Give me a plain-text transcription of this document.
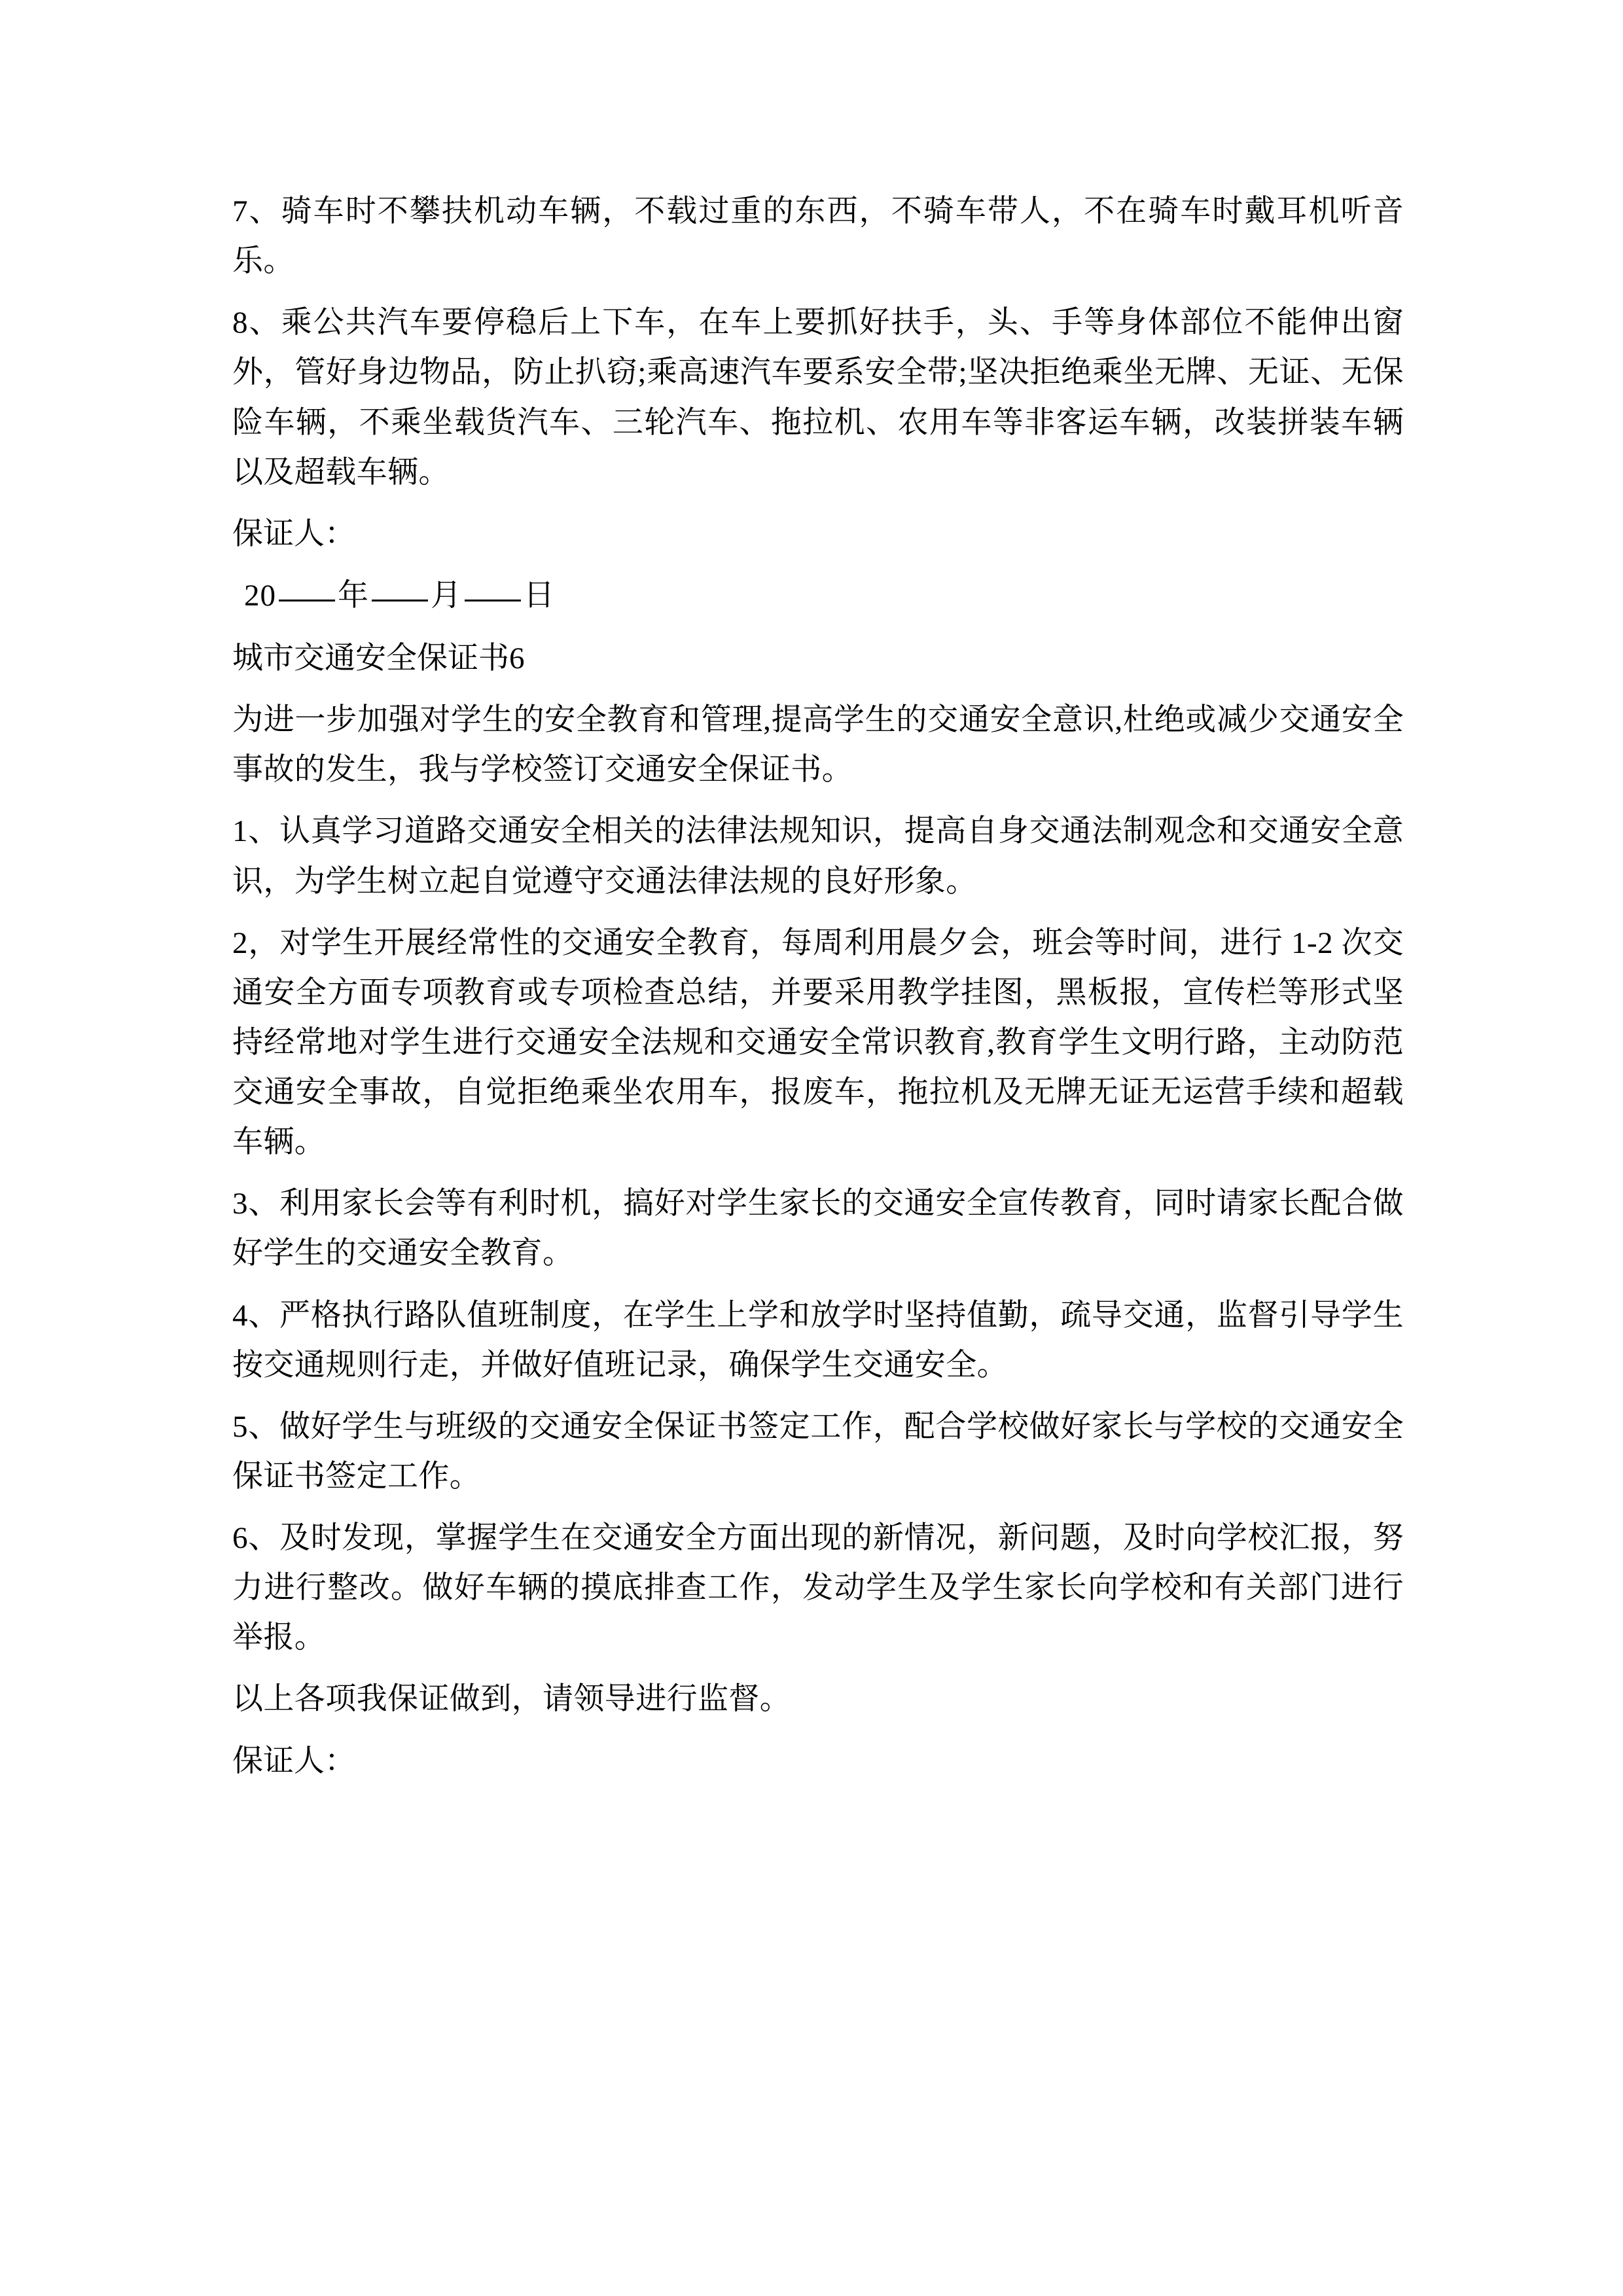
7、骑车时不攀扶机动车辆，不载过重的东西，不骑车带人，不在骑车时戴耳机听音乐。

8、乘公共汽车要停稳后上下车，在车上要抓好扶手，头、手等身体部位不能伸出窗外，管好身边物品，防止扒窃;乘高速汽车要系安全带;坚决拒绝乘坐无牌、无证、无保险车辆，不乘坐载货汽车、三轮汽车、拖拉机、农用车等非客运车辆，改装拼装车辆以及超载车辆。

保证人：

20 年 月 日

城市交通安全保证书6

为进一步加强对学生的安全教育和管理,提高学生的交通安全意识,杜绝或减少交通安全事故的发生，我与学校签订交通安全保证书。

1、认真学习道路交通安全相关的法律法规知识，提高自身交通法制观念和交通安全意识，为学生树立起自觉遵守交通法律法规的良好形象。

2，对学生开展经常性的交通安全教育，每周利用晨夕会，班会等时间，进行 1-2 次交通安全方面专项教育或专项检查总结，并要采用教学挂图，黑板报，宣传栏等形式坚持经常地对学生进行交通安全法规和交通安全常识教育,教育学生文明行路，主动防范交通安全事故，自觉拒绝乘坐农用车，报废车，拖拉机及无牌无证无运营手续和超载车辆。

3、利用家长会等有利时机，搞好对学生家长的交通安全宣传教育，同时请家长配合做好学生的交通安全教育。

4、严格执行路队值班制度，在学生上学和放学时坚持值勤，疏导交通，监督引导学生按交通规则行走，并做好值班记录，确保学生交通安全。

5、做好学生与班级的交通安全保证书签定工作，配合学校做好家长与学校的交通安全保证书签定工作。

6、及时发现，掌握学生在交通安全方面出现的新情况，新问题，及时向学校汇报，努力进行整改。做好车辆的摸底排查工作，发动学生及学生家长向学校和有关部门进行举报。

以上各项我保证做到，请领导进行监督。

保证人：
